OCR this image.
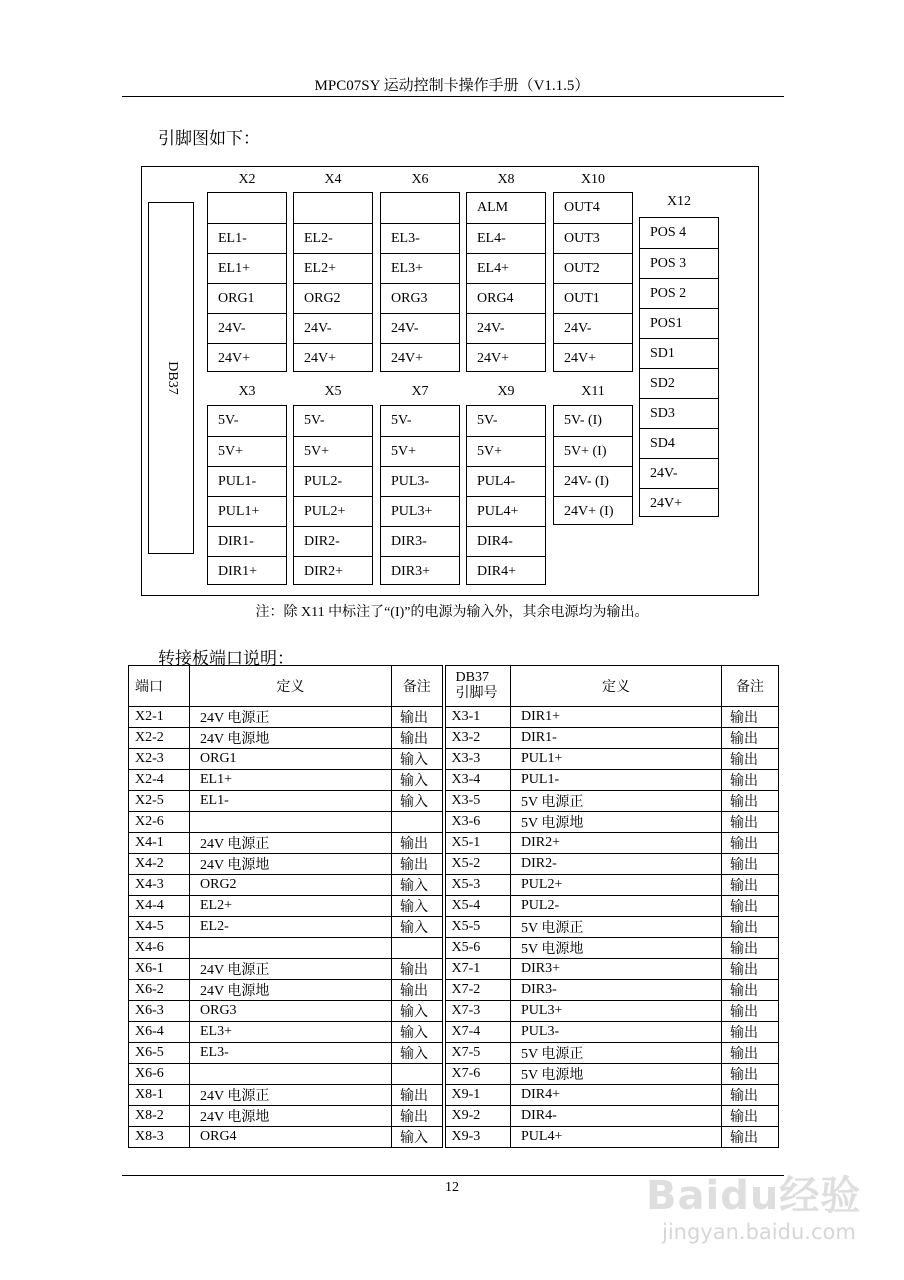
MPC07SY 运动控制卡操作手册（V1.1.5）
引脚图如下：
DB37
X2
EL1-
EL1+
ORG1
24V-
24V+
X4
EL2-
EL2+
ORG2
24V-
24V+
X6
EL3-
EL3+
ORG3
24V-
24V+
X8
ALM
EL4-
EL4+
ORG4
24V-
24V+
X10
OUT4
OUT3
OUT2
OUT1
24V-
24V+
X3
5V-
5V+
PUL1-
PUL1+
DIR1-
DIR1+
X5
5V-
5V+
PUL2-
PUL2+
DIR2-
DIR2+
X7
5V-
5V+
PUL3-
PUL3+
DIR3-
DIR3+
X9
5V-
5V+
PUL4-
PUL4+
DIR4-
DIR4+
X11
5V- (I)
5V+ (I)
24V- (I)
24V+ (I)
X12
POS 4
POS 3
POS 2
POS1
SD1
SD2
SD3
SD4
24V-
24V+
注：除 X11 中标注了“(I)”的电源为输入外，其余电源均为输出。
转接板端口说明：
端口	定义	备注	DB37
引脚号	定义	备注
X2-1	24V 电源正	输出	X3-1	DIR1+	输出
X2-2	24V 电源地	输出	X3-2	DIR1-	输出
X2-3	ORG1	输入	X3-3	PUL1+	输出
X2-4	EL1+	输入	X3-4	PUL1-	输出
X2-5	EL1-	输入	X3-5	5V 电源正	输出
X2-6			X3-6	5V 电源地	输出
X4-1	24V 电源正	输出	X5-1	DIR2+	输出
X4-2	24V 电源地	输出	X5-2	DIR2-	输出
X4-3	ORG2	输入	X5-3	PUL2+	输出
X4-4	EL2+	输入	X5-4	PUL2-	输出
X4-5	EL2-	输入	X5-5	5V 电源正	输出
X4-6			X5-6	5V 电源地	输出
X6-1	24V 电源正	输出	X7-1	DIR3+	输出
X6-2	24V 电源地	输出	X7-2	DIR3-	输出
X6-3	ORG3	输入	X7-3	PUL3+	输出
X6-4	EL3+	输入	X7-4	PUL3-	输出
X6-5	EL3-	输入	X7-5	5V 电源正	输出
X6-6			X7-6	5V 电源地	输出
X8-1	24V 电源正	输出	X9-1	DIR4+	输出
X8-2	24V 电源地	输出	X9-2	DIR4-	输出
X8-3	ORG4	输入	X9-3	PUL4+	输出
12	Baidu经验
jingyan.baidu.com
